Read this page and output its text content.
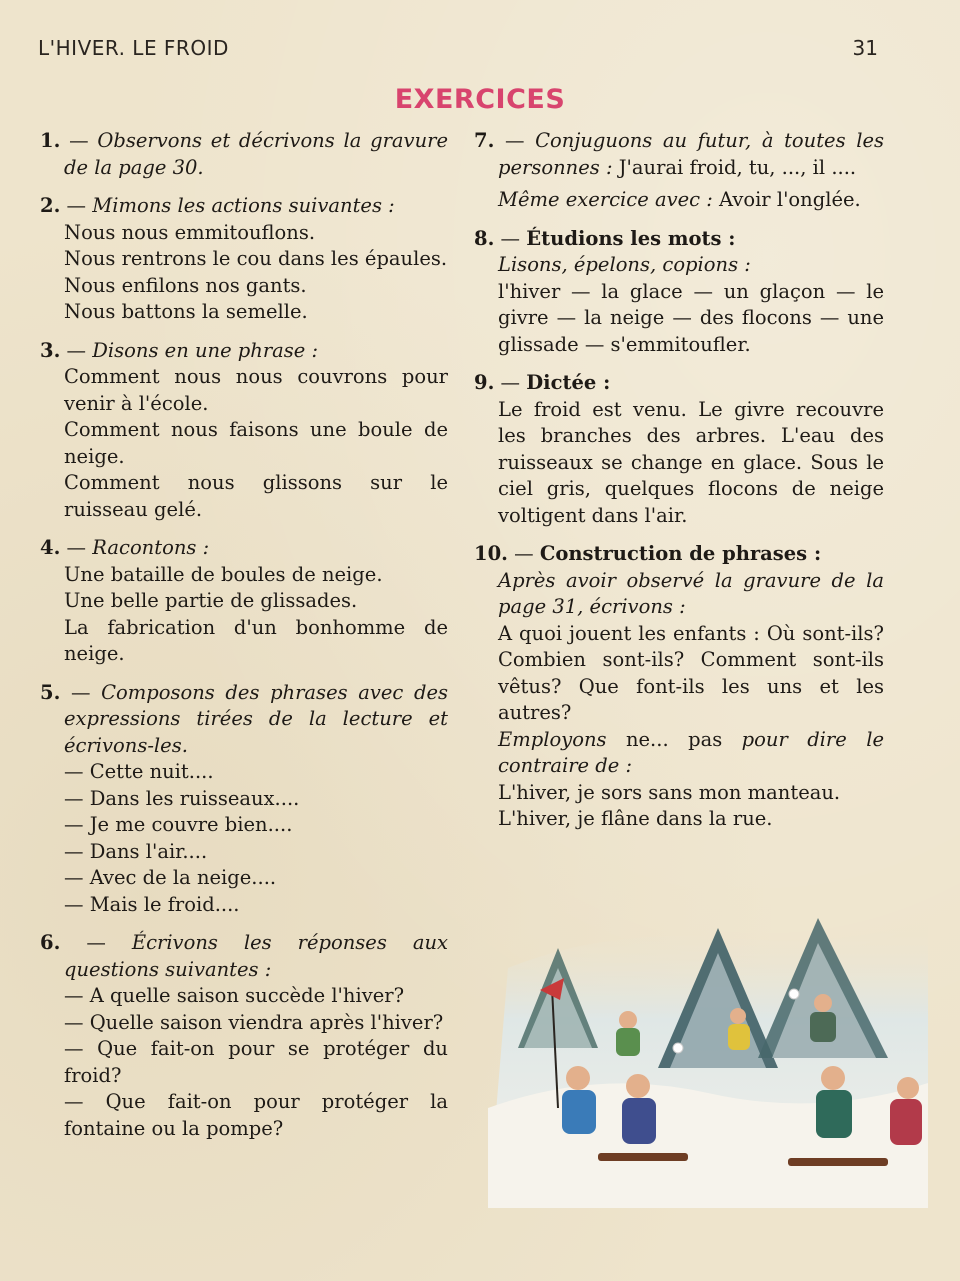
L'HIVER. LE FROID	31
EXERCICES

1. — Observons et décrivons la gravure de la page 30.

2. — Mimons les actions suivantes :

Nous nous emmitouflons.

Nous rentrons le cou dans les épaules.

Nous enfilons nos gants.

Nous battons la semelle.

3. — Disons en une phrase :

Comment nous nous couvrons pour venir à l'école.

Comment nous faisons une boule de neige.

Comment nous glissons sur le ruisseau gelé.

4. — Racontons :

Une bataille de boules de neige.

Une belle partie de glissades.

La fabrication d'un bonhomme de neige.

5. — Composons des phrases avec des expressions tirées de la lecture et écrivons-les.

— Cette nuit....

— Dans les ruisseaux....

— Je me couvre bien....

— Dans l'air....

— Avec de la neige....

— Mais le froid....

6. — Écrivons les réponses aux questions suivantes :

— A quelle saison succède l'hiver?

— Quelle saison viendra après l'hiver?

— Que fait-on pour se protéger du froid?

— Que fait-on pour protéger la fontaine ou la pompe?

7. — Conjuguons au futur, à toutes les personnes : J'aurai froid, tu, ..., il ....

Même exercice avec : Avoir l'onglée.

8. — Étudions les mots :

Lisons, épelons, copions :

l'hiver — la glace — un glaçon — le givre — la neige — des flocons — une glissade — s'emmitoufler.

9. — Dictée :

Le froid est venu. Le givre recouvre les branches des arbres. L'eau des ruisseaux se change en glace. Sous le ciel gris, quelques flocons de neige voltigent dans l'air.

10. — Construction de phrases :

Après avoir observé la gravure de la page 31, écrivons :

A quoi jouent les enfants : Où sont-ils? Combien sont-ils? Comment sont-ils vêtus? Que font-ils les uns et les autres?

Employons ne... pas pour dire le contraire de :

L'hiver, je sors sans mon manteau.

L'hiver, je flâne dans la rue.
